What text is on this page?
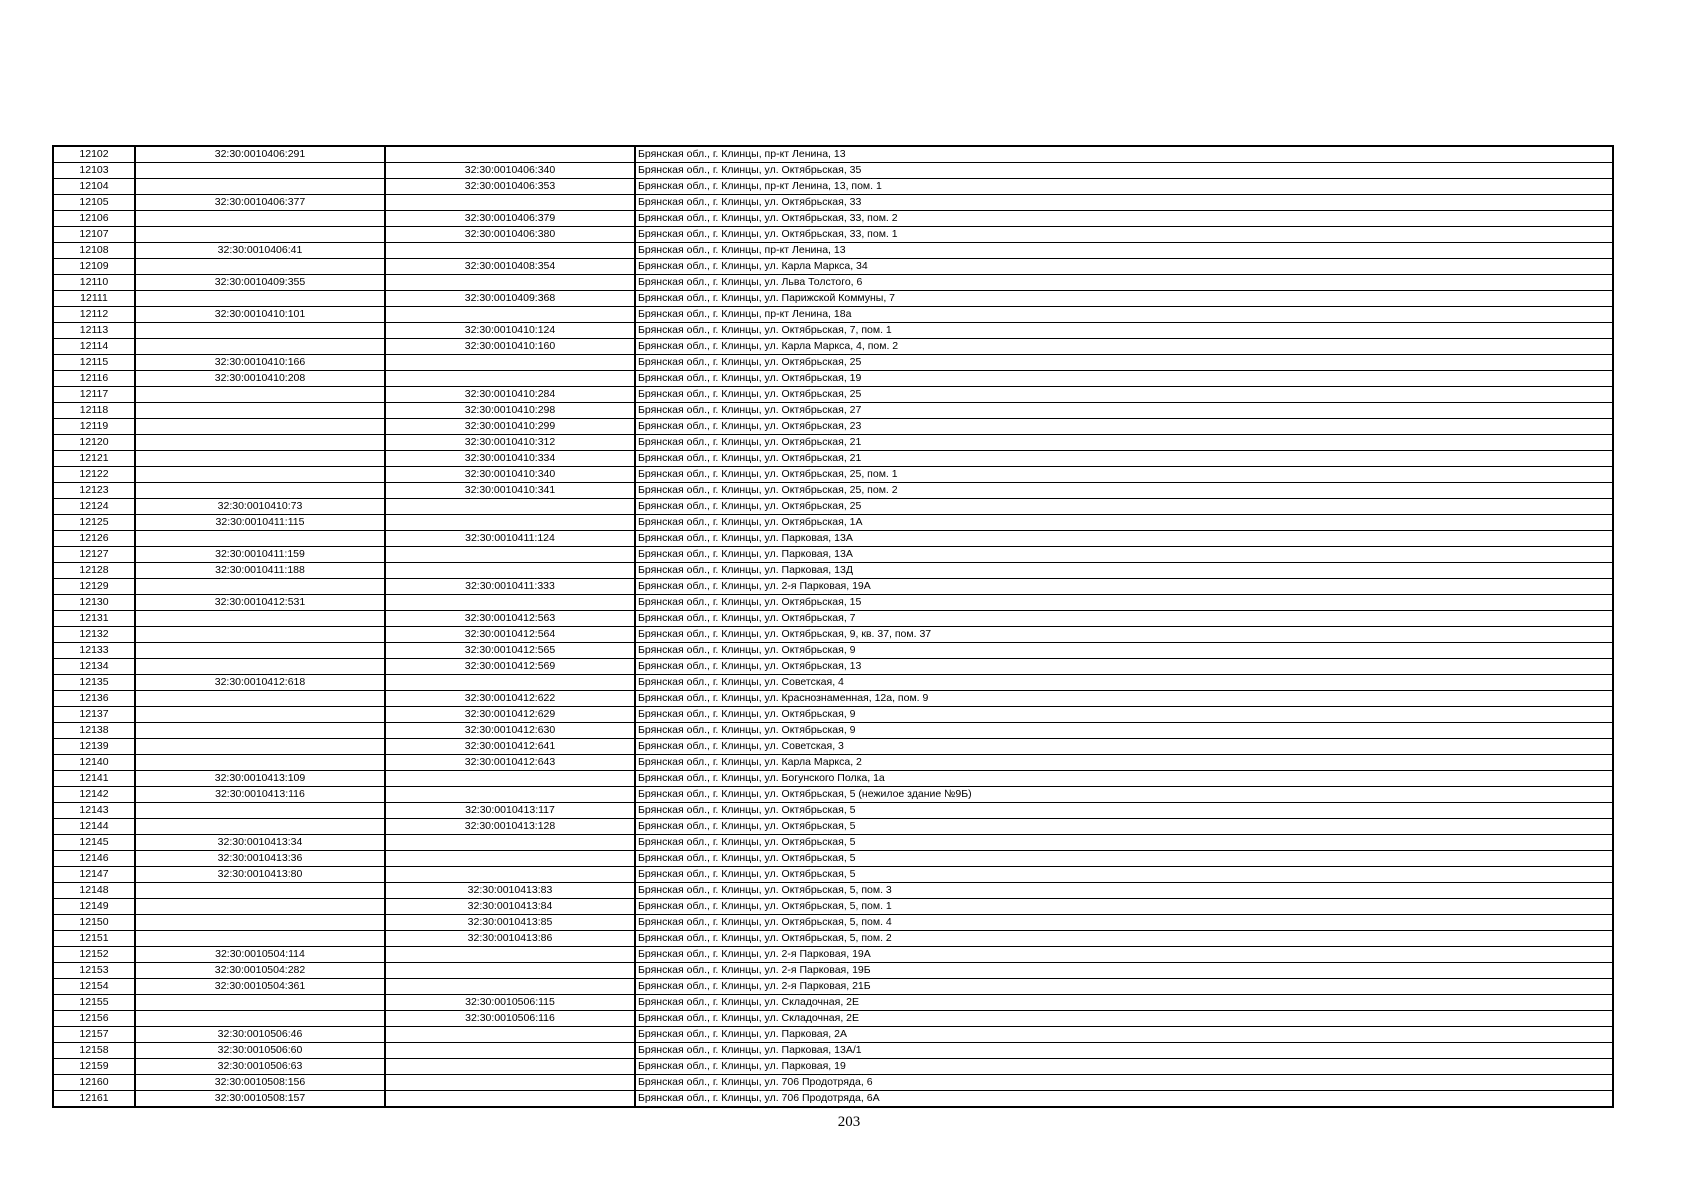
12102	32:30:0010406:291		Брянская обл., г. Клинцы, пр-кт Ленина, 13
12103		32:30:0010406:340	Брянская обл., г. Клинцы, ул. Октябрьская, 35
12104		32:30:0010406:353	Брянская обл., г. Клинцы, пр-кт Ленина, 13, пом. 1
12105	32:30:0010406:377		Брянская обл., г. Клинцы, ул. Октябрьская, 33
12106		32:30:0010406:379	Брянская обл., г. Клинцы, ул. Октябрьская, 33, пом. 2
12107		32:30:0010406:380	Брянская обл., г. Клинцы, ул. Октябрьская, 33, пом. 1
12108	32:30:0010406:41		Брянская обл., г. Клинцы, пр-кт Ленина, 13
12109		32:30:0010408:354	Брянская обл., г. Клинцы, ул. Карла Маркса, 34
12110	32:30:0010409:355		Брянская обл., г. Клинцы, ул. Льва Толстого, 6
12111		32:30:0010409:368	Брянская обл., г. Клинцы, ул. Парижской Коммуны, 7
12112	32:30:0010410:101		Брянская обл., г. Клинцы, пр-кт Ленина, 18а
12113		32:30:0010410:124	Брянская обл., г. Клинцы, ул. Октябрьская, 7, пом. 1
12114		32:30:0010410:160	Брянская обл., г. Клинцы, ул. Карла Маркса, 4, пом. 2
12115	32:30:0010410:166		Брянская обл., г. Клинцы, ул. Октябрьская, 25
12116	32:30:0010410:208		Брянская обл., г. Клинцы, ул. Октябрьская, 19
12117		32:30:0010410:284	Брянская обл., г. Клинцы, ул. Октябрьская, 25
12118		32:30:0010410:298	Брянская обл., г. Клинцы, ул. Октябрьская, 27
12119		32:30:0010410:299	Брянская обл., г. Клинцы, ул. Октябрьская, 23
12120		32:30:0010410:312	Брянская обл., г. Клинцы, ул. Октябрьская, 21
12121		32:30:0010410:334	Брянская обл., г. Клинцы, ул. Октябрьская, 21
12122		32:30:0010410:340	Брянская обл., г. Клинцы, ул. Октябрьская, 25, пом. 1
12123		32:30:0010410:341	Брянская обл., г. Клинцы, ул. Октябрьская, 25, пом. 2
12124	32:30:0010410:73		Брянская обл., г. Клинцы, ул. Октябрьская, 25
12125	32:30:0010411:115		Брянская обл., г. Клинцы, ул. Октябрьская, 1А
12126		32:30:0010411:124	Брянская обл., г. Клинцы, ул. Парковая, 13А
12127	32:30:0010411:159		Брянская обл., г. Клинцы, ул. Парковая, 13А
12128	32:30:0010411:188		Брянская обл., г. Клинцы, ул. Парковая, 13Д
12129		32:30:0010411:333	Брянская обл., г. Клинцы, ул. 2-я Парковая, 19А
12130	32:30:0010412:531		Брянская обл., г. Клинцы, ул. Октябрьская, 15
12131		32:30:0010412:563	Брянская обл., г. Клинцы, ул. Октябрьская, 7
12132		32:30:0010412:564	Брянская обл., г. Клинцы, ул. Октябрьская, 9, кв. 37, пом. 37
12133		32:30:0010412:565	Брянская обл., г. Клинцы, ул. Октябрьская, 9
12134		32:30:0010412:569	Брянская обл., г. Клинцы, ул. Октябрьская, 13
12135	32:30:0010412:618		Брянская обл., г. Клинцы, ул. Советская, 4
12136		32:30:0010412:622	Брянская обл., г. Клинцы, ул. Краснознаменная, 12а, пом. 9
12137		32:30:0010412:629	Брянская обл., г. Клинцы, ул. Октябрьская, 9
12138		32:30:0010412:630	Брянская обл., г. Клинцы, ул. Октябрьская, 9
12139		32:30:0010412:641	Брянская обл., г. Клинцы, ул. Советская, 3
12140		32:30:0010412:643	Брянская обл., г. Клинцы, ул. Карла Маркса, 2
12141	32:30:0010413:109		Брянская обл., г. Клинцы, ул. Богунского Полка, 1а
12142	32:30:0010413:116		Брянская обл., г. Клинцы, ул. Октябрьская, 5 (нежилое здание №9Б)
12143		32:30:0010413:117	Брянская обл., г. Клинцы, ул. Октябрьская, 5
12144		32:30:0010413:128	Брянская обл., г. Клинцы, ул. Октябрьская, 5
12145	32:30:0010413:34		Брянская обл., г. Клинцы, ул. Октябрьская, 5
12146	32:30:0010413:36		Брянская обл., г. Клинцы, ул. Октябрьская, 5
12147	32:30:0010413:80		Брянская обл., г. Клинцы, ул. Октябрьская, 5
12148		32:30:0010413:83	Брянская обл., г. Клинцы, ул. Октябрьская, 5, пом. 3
12149		32:30:0010413:84	Брянская обл., г. Клинцы, ул. Октябрьская, 5, пом. 1
12150		32:30:0010413:85	Брянская обл., г. Клинцы, ул. Октябрьская, 5, пом. 4
12151		32:30:0010413:86	Брянская обл., г. Клинцы, ул. Октябрьская, 5, пом. 2
12152	32:30:0010504:114		Брянская обл., г. Клинцы, ул. 2-я Парковая, 19А
12153	32:30:0010504:282		Брянская обл., г. Клинцы, ул. 2-я Парковая, 19Б
12154	32:30:0010504:361		Брянская обл., г. Клинцы, ул. 2-я Парковая, 21Б
12155		32:30:0010506:115	Брянская обл., г. Клинцы, ул. Складочная, 2Е
12156		32:30:0010506:116	Брянская обл., г. Клинцы, ул. Складочная, 2Е
12157	32:30:0010506:46		Брянская обл., г. Клинцы, ул. Парковая, 2А
12158	32:30:0010506:60		Брянская обл., г. Клинцы, ул. Парковая, 13А/1
12159	32:30:0010506:63		Брянская обл., г. Клинцы, ул. Парковая, 19
12160	32:30:0010508:156		Брянская обл., г. Клинцы, ул. 706 Продотряда, 6
12161	32:30:0010508:157		Брянская обл., г. Клинцы, ул. 706 Продотряда, 6А
203
